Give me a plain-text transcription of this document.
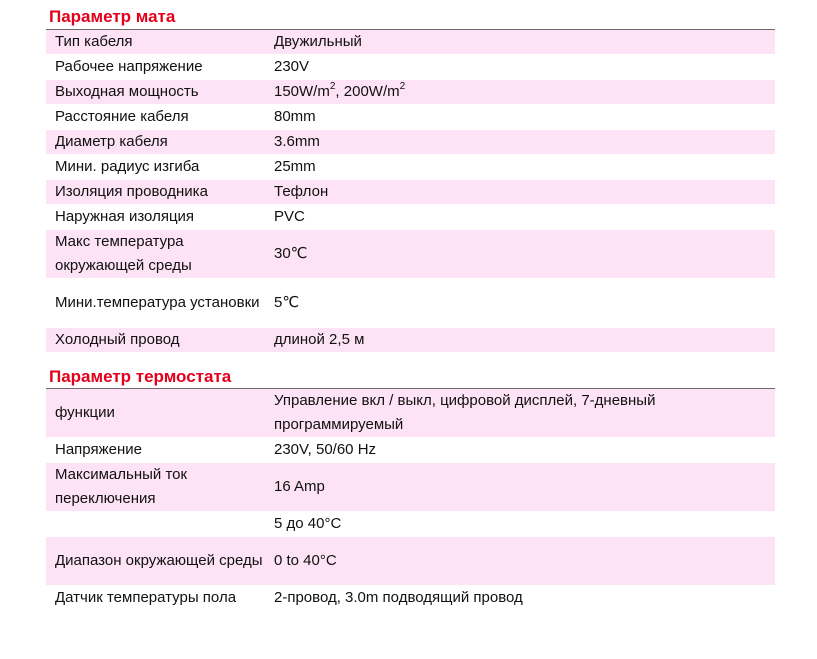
Параметр мата
Тип кабеля	Двужильный
Рабочее напряжение	230V
Выходная мощность	$150W/m^2$, $200W/m^2$
Расстояние кабеля	80mm
Диаметр кабеля	3.6mm
Мини. радиус изгиба	25mm
Изоляция проводника	Тефлон
Наружная изоляция	PVC
Макс температура окружающей среды	30℃
Мини.температура установки	5℃
Холодный провод	длиной 2,5 м
Параметр термостата
функции	Управление вкл / выкл, цифровой дисплей, 7-дневный программируемый
Напряжение	230V, 50/60 Hz
Максимальный ток переключения	16 Amp
	5 до 40°C
Диапазон окружающей среды	0 to 40°C
Датчик температуры пола	2-провод, 3.0m подводящий провод
